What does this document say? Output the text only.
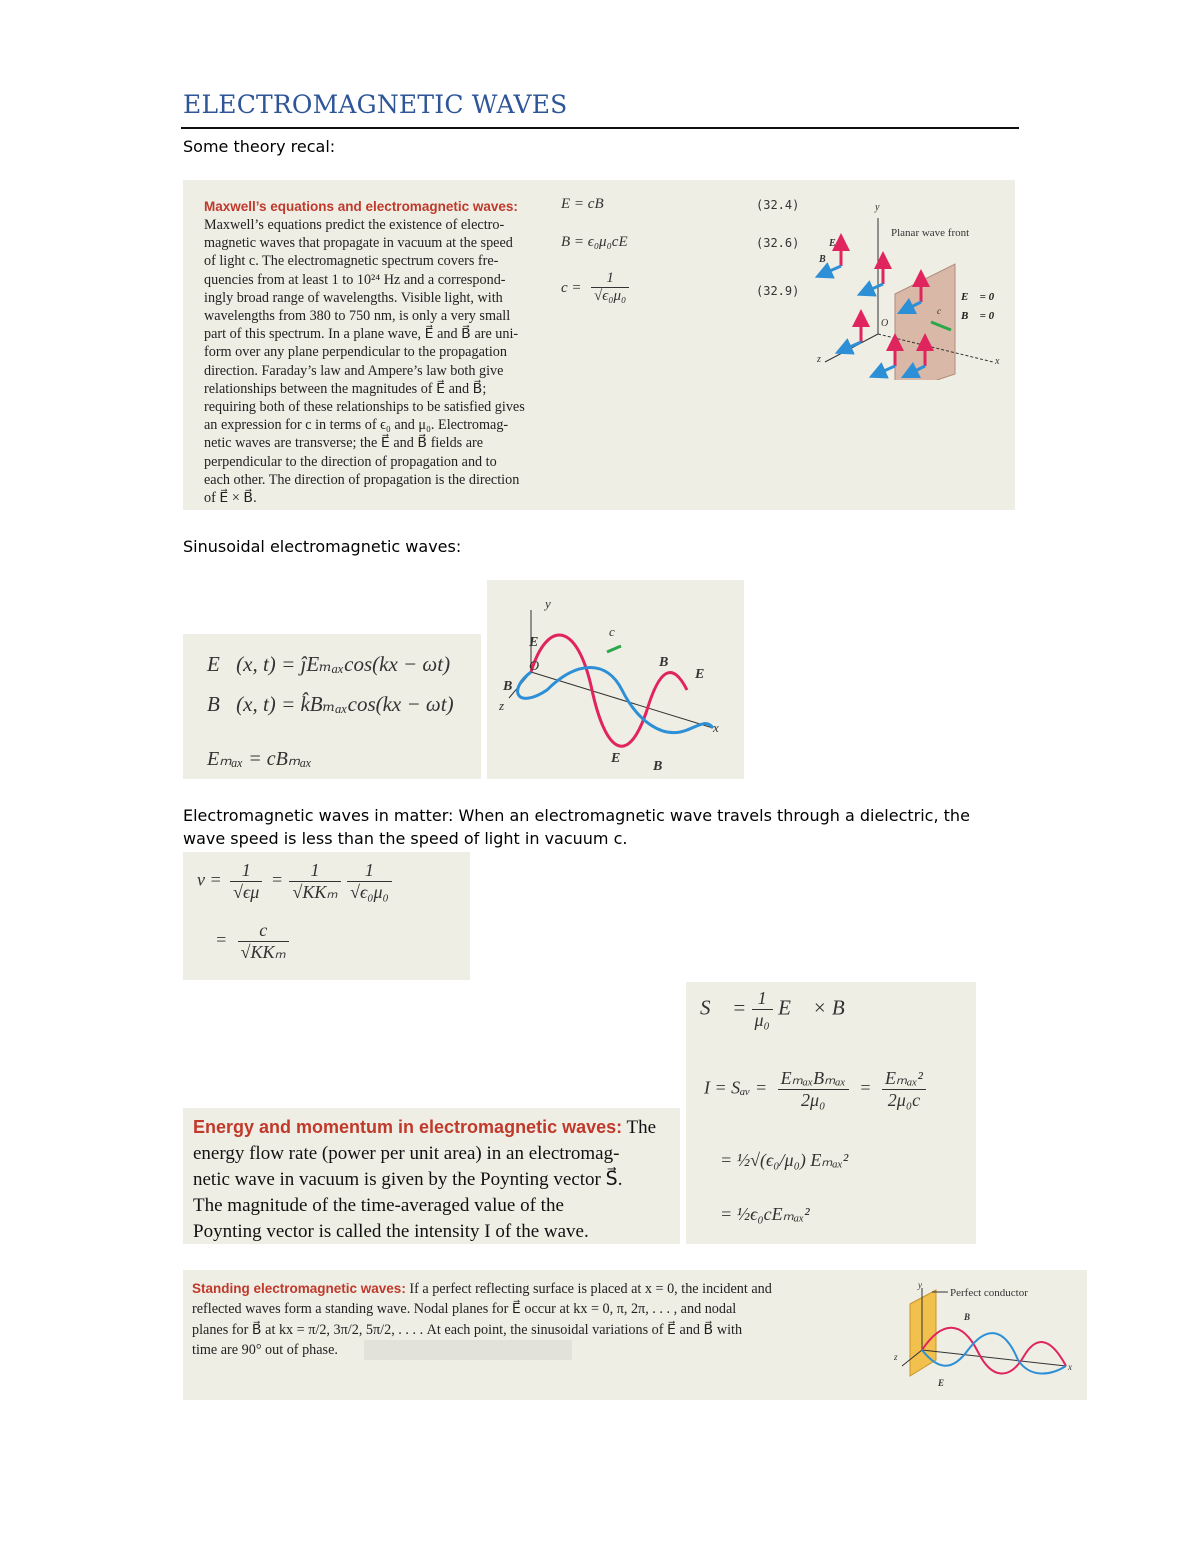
ELECTROMAGNETIC WAVES
Some theory recal:
Maxwell’s equations and electromagnetic waves:
Maxwell’s equations predict the existence of electro-
magnetic waves that propagate in vacuum at the speed
of light c. The electromagnetic spectrum covers fre-
quencies from at least 1 to 10²⁴ Hz and a correspond-
ingly broad range of wavelengths. Visible light, with
wavelengths from 380 to 750 nm, is only a very small
part of this spectrum. In a plane wave, E⃗ and B⃗ are uni-
form over any plane perpendicular to the propagation
direction. Faraday’s law and Ampere’s law both give
relationships between the magnitudes of E⃗ and B⃗;
requiring both of these relationships to be satisfied gives
an expression for c in terms of ϵ₀ and μ₀. Electromag-
netic waves are transverse; the E⃗ and B⃗ fields are
perpendicular to the direction of propagation and to
each other. The direction of propagation is the direction
of E⃗ × B⃗.
E = cB	(32.4)
B = ϵ₀μ₀cE	(32.6)
$c = \frac{1}{\text{√ϵ₀μ₀}}$	(32.9)
y
x
z
O
Planar wave front
c
E⃗
B⃗
E⃗ = 0
B⃗ = 0
Sinusoidal electromagnetic waves:
E⃗(x, t) = ĵEₘₐₓcos(kx − ωt)
B⃗(x, t) = k̂Bₘₐₓcos(kx − ωt)
Eₘₐₓ = cBₘₐₓ
y
x
z
O
c
E⃗
B⃗
B⃗
E⃗
E⃗
B⃗
Electromagnetic waves in matter: When an electromagnetic wave travels through a dielectric, the
wave speed is less than the speed of light in vacuum c.
$v = \frac{1}{√\epsilon\mu} = \frac{1}{\text{√KKₘ}}$
$\frac{1}{\text{√ϵ₀μ₀}}$
= $\frac{c}{\text{√KKₘ}}$
Energy and momentum in electromagnetic waves: The
energy flow rate (power per unit area) in an electromag-
netic wave in vacuum is given by the Poynting vector S⃗.
The magnitude of the time-averaged value of the
Poynting vector is called the intensity I of the wave.
S⃗ = $\frac{1}{\text{μ₀}}$ E⃗ × B⃗
I = Sₐᵥ = $\frac{\text{EₘₐₓBₘₐₓ}}{\text{2μ₀}} = \frac{\text{Eₘₐₓ²}}{\text{2μ₀c}}$
= ½√(ϵ₀/μ₀) Eₘₐₓ²
= ½ϵ₀cEₘₐₓ²
Standing electromagnetic waves: If a perfect reflecting surface is placed at x = 0, the incident and
reflected waves form a standing wave. Nodal planes for E⃗ occur at kx = 0, π, 2π, . . . , and nodal
planes for B⃗ at kx = π/2, 3π/2, 5π/2, . . . . At each point, the sinusoidal variations of E⃗ and B⃗ with
time are 90° out of phase.
Perfect conductor
y
x
z
B⃗
E⃗
